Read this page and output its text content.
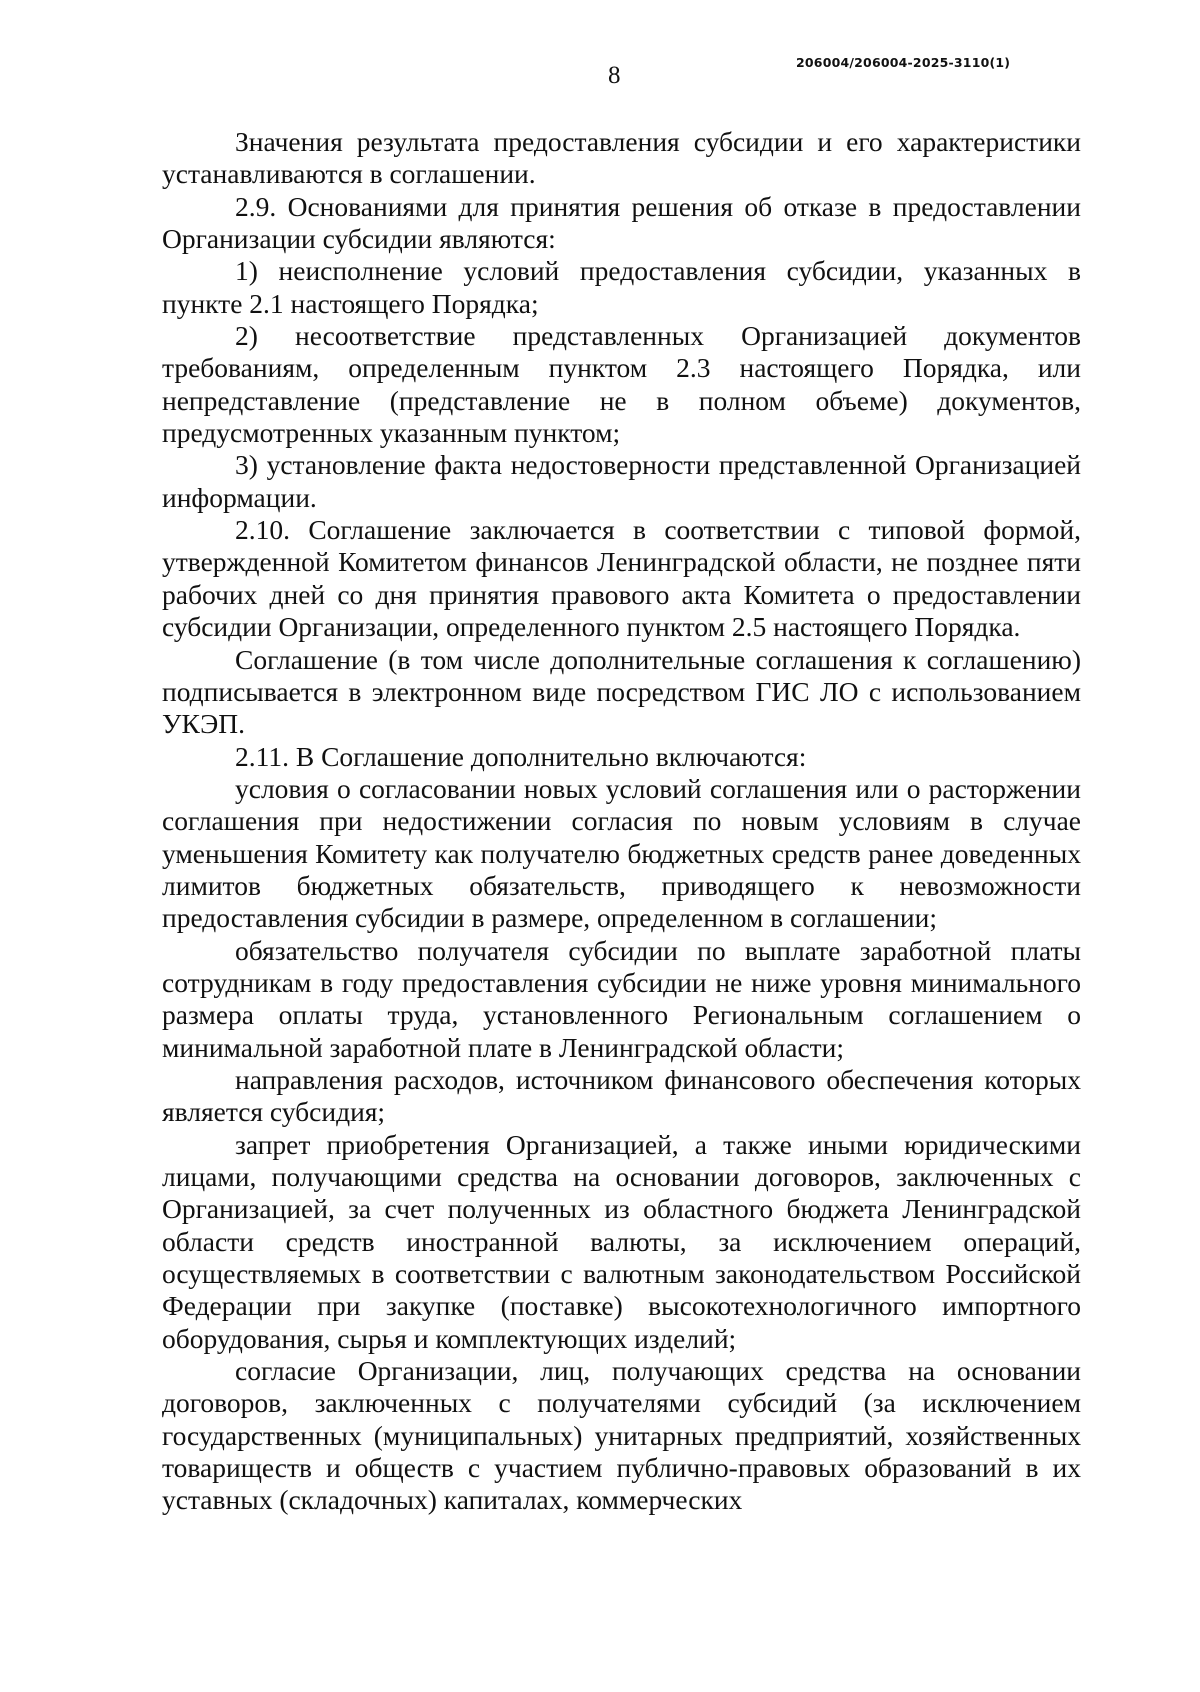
8	206004/206004-2025-3110(1)

Значения результата предоставления субсидии и его характеристики устанавливаются в соглашении.

2.9. Основаниями для принятия решения об отказе в предоставлении Организации субсидии являются:

1) неисполнение условий предоставления субсидии, указанных в пункте 2.1 настоящего Порядка;

2) несоответствие представленных Организацией документов требованиям, определенным пунктом 2.3 настоящего Порядка, или непредставление (представление не в полном объеме) документов, предусмотренных указанным пунктом;

3) установление факта недостоверности представленной Организацией информации.

2.10. Соглашение заключается в соответствии с типовой формой, утвержденной Комитетом финансов Ленинградской области, не позднее пяти рабочих дней со дня принятия правового акта Комитета о предоставлении субсидии Организации, определенного пунктом 2.5 настоящего Порядка.

Соглашение (в том числе дополнительные соглашения к соглашению) подписывается в электронном виде посредством ГИС ЛО с использованием УКЭП.

2.11. В Соглашение дополнительно включаются:

условия о согласовании новых условий соглашения или о расторжении соглашения при недостижении согласия по новым условиям в случае уменьшения Комитету как получателю бюджетных средств ранее доведенных лимитов бюджетных обязательств, приводящего к невозможности предоставления субсидии в размере, определенном в соглашении;

обязательство получателя субсидии по выплате заработной платы сотрудникам в году предоставления субсидии не ниже уровня минимального размера оплаты труда, установленного Региональным соглашением о минимальной заработной плате в Ленинградской области;

направления расходов, источником финансового обеспечения которых является субсидия;

запрет приобретения Организацией, а также иными юридическими лицами, получающими средства на основании договоров, заключенных с Организацией, за счет полученных из областного бюджета Ленинградской области средств иностранной валюты, за исключением операций, осуществляемых в соответствии с валютным законодательством Российской Федерации при закупке (поставке) высокотехнологичного импортного оборудования, сырья и комплектующих изделий;

согласие Организации, лиц, получающих средства на основании договоров, заключенных с получателями субсидий (за исключением государственных (муниципальных) унитарных предприятий, хозяйственных товариществ и обществ с участием публично-правовых образований в их уставных (складочных) капиталах, коммерческих
